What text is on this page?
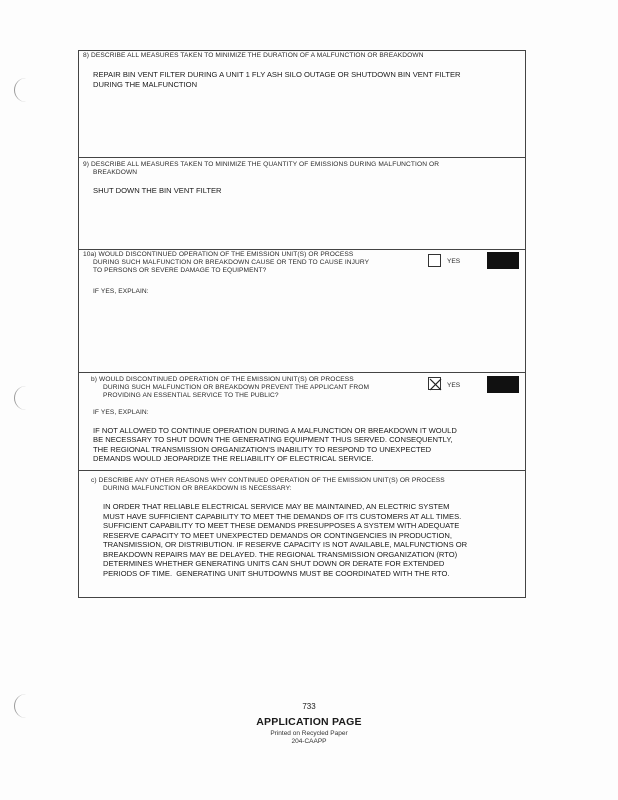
8) DESCRIBE ALL MEASURES TAKEN TO MINIMIZE THE DURATION OF A MALFUNCTION OR BREAKDOWN
REPAIR BIN VENT FILTER DURING A UNIT 1 FLY ASH SILO OUTAGE OR SHUTDOWN BIN VENT FILTER
DURING THE MALFUNCTION
9) DESCRIBE ALL MEASURES TAKEN TO MINIMIZE THE QUANTITY OF EMISSIONS DURING MALFUNCTION OR
BREAKDOWN
SHUT DOWN THE BIN VENT FILTER
10a) WOULD DISCONTINUED OPERATION OF THE EMISSION UNIT(S) OR PROCESS
DURING SUCH MALFUNCTION OR BREAKDOWN CAUSE OR TEND TO CAUSE INJURY
TO PERSONS OR SEVERE DAMAGE TO EQUIPMENT?
YES
IF YES, EXPLAIN:
b) WOULD DISCONTINUED OPERATION OF THE EMISSION UNIT(S) OR PROCESS
DURING SUCH MALFUNCTION OR BREAKDOWN PREVENT THE APPLICANT FROM
PROVIDING AN ESSENTIAL SERVICE TO THE PUBLIC?
YES
IF YES, EXPLAIN:
IF NOT ALLOWED TO CONTINUE OPERATION DURING A MALFUNCTION OR BREAKDOWN IT WOULD
BE NECESSARY TO SHUT DOWN THE GENERATING EQUIPMENT THUS SERVED. CONSEQUENTLY,
THE REGIONAL TRANSMISSION ORGANIZATION'S INABILITY TO RESPOND TO UNEXPECTED
DEMANDS WOULD JEOPARDIZE THE RELIABILITY OF ELECTRICAL SERVICE.
c) DESCRIBE ANY OTHER REASONS WHY CONTINUED OPERATION OF THE EMISSION UNIT(S) OR PROCESS
DURING MALFUNCTION OR BREAKDOWN IS NECESSARY:
IN ORDER THAT RELIABLE ELECTRICAL SERVICE MAY BE MAINTAINED, AN ELECTRIC SYSTEM
MUST HAVE SUFFICIENT CAPABILITY TO MEET THE DEMANDS OF ITS CUSTOMERS AT ALL TIMES.
SUFFICIENT CAPABILITY TO MEET THESE DEMANDS PRESUPPOSES A SYSTEM WITH ADEQUATE
RESERVE CAPACITY TO MEET UNEXPECTED DEMANDS OR CONTINGENCIES IN PRODUCTION,
TRANSMISSION, OR DISTRIBUTION. IF RESERVE CAPACITY IS NOT AVAILABLE, MALFUNCTIONS OR
BREAKDOWN REPAIRS MAY BE DELAYED. THE REGIONAL TRANSMISSION ORGANIZATION (RTO)
DETERMINES WHETHER GENERATING UNITS CAN SHUT DOWN OR DERATE FOR EXTENDED
PERIODS OF TIME.  GENERATING UNIT SHUTDOWNS MUST BE COORDINATED WITH THE RTO.
733
APPLICATION PAGE
Printed on Recycled Paper
204-CAAPP
